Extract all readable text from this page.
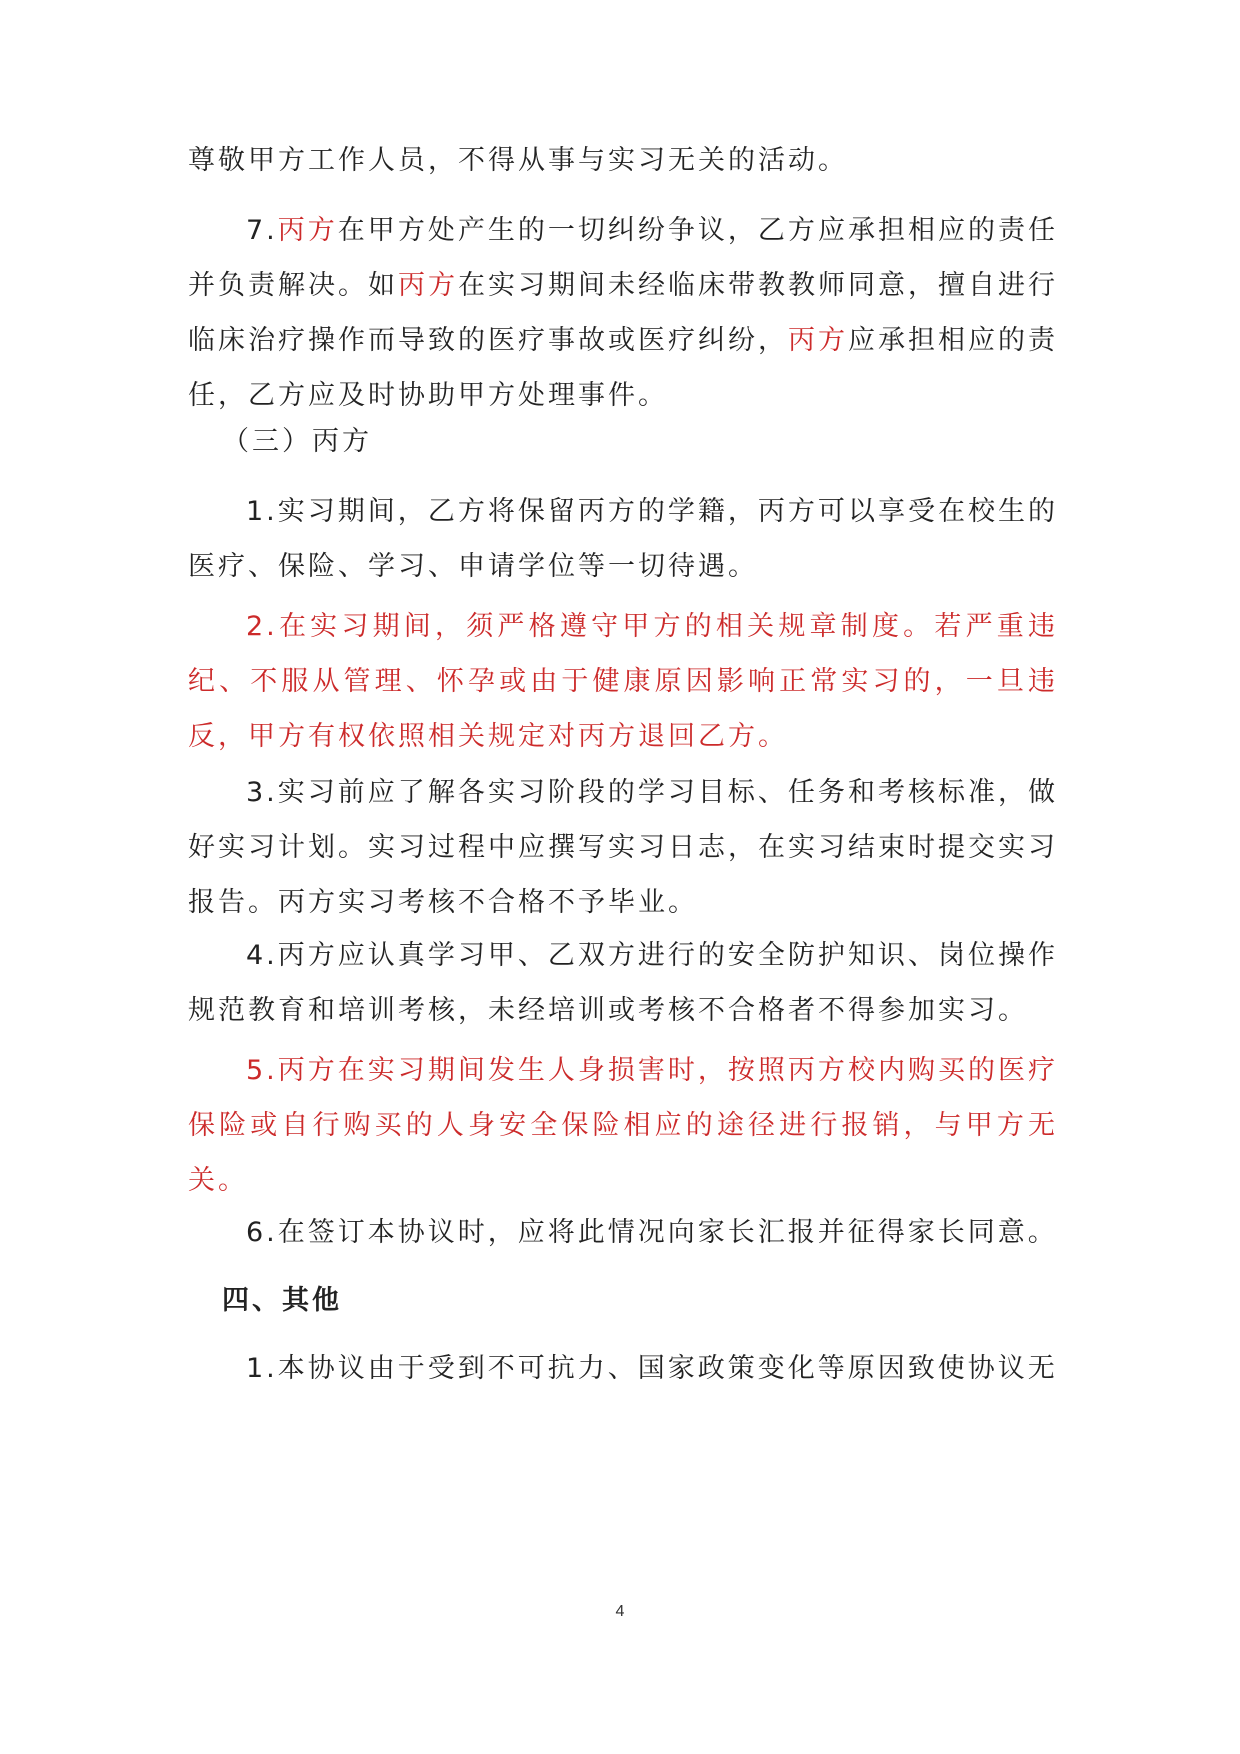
尊敬甲方工作人员，不得从事与实习无关的活动。

7.丙方在甲方处产生的一切纠纷争议，乙方应承担相应的责任并负责解决。如丙方在实习期间未经临床带教教师同意，擅自进行临床治疗操作而导致的医疗事故或医疗纠纷，丙方应承担相应的责任，乙方应及时协助甲方处理事件。

（三）丙方

1.实习期间，乙方将保留丙方的学籍，丙方可以享受在校生的医疗、保险、学习、申请学位等一切待遇。

2.在实习期间，须严格遵守甲方的相关规章制度。若严重违纪、不服从管理、怀孕或由于健康原因影响正常实习的，一旦违反，甲方有权依照相关规定对丙方退回乙方。

3.实习前应了解各实习阶段的学习目标、任务和考核标准，做好实习计划。实习过程中应撰写实习日志，在实习结束时提交实习报告。丙方实习考核不合格不予毕业。

4.丙方应认真学习甲、乙双方进行的安全防护知识、岗位操作规范教育和培训考核，未经培训或考核不合格者不得参加实习。

5.丙方在实习期间发生人身损害时，按照丙方校内购买的医疗保险或自行购买的人身安全保险相应的途径进行报销，与甲方无关。

6.在签订本协议时，应将此情况向家长汇报并征得家长同意。

四、其他

1.本协议由于受到不可抗力、国家政策变化等原因致使协议无

4
